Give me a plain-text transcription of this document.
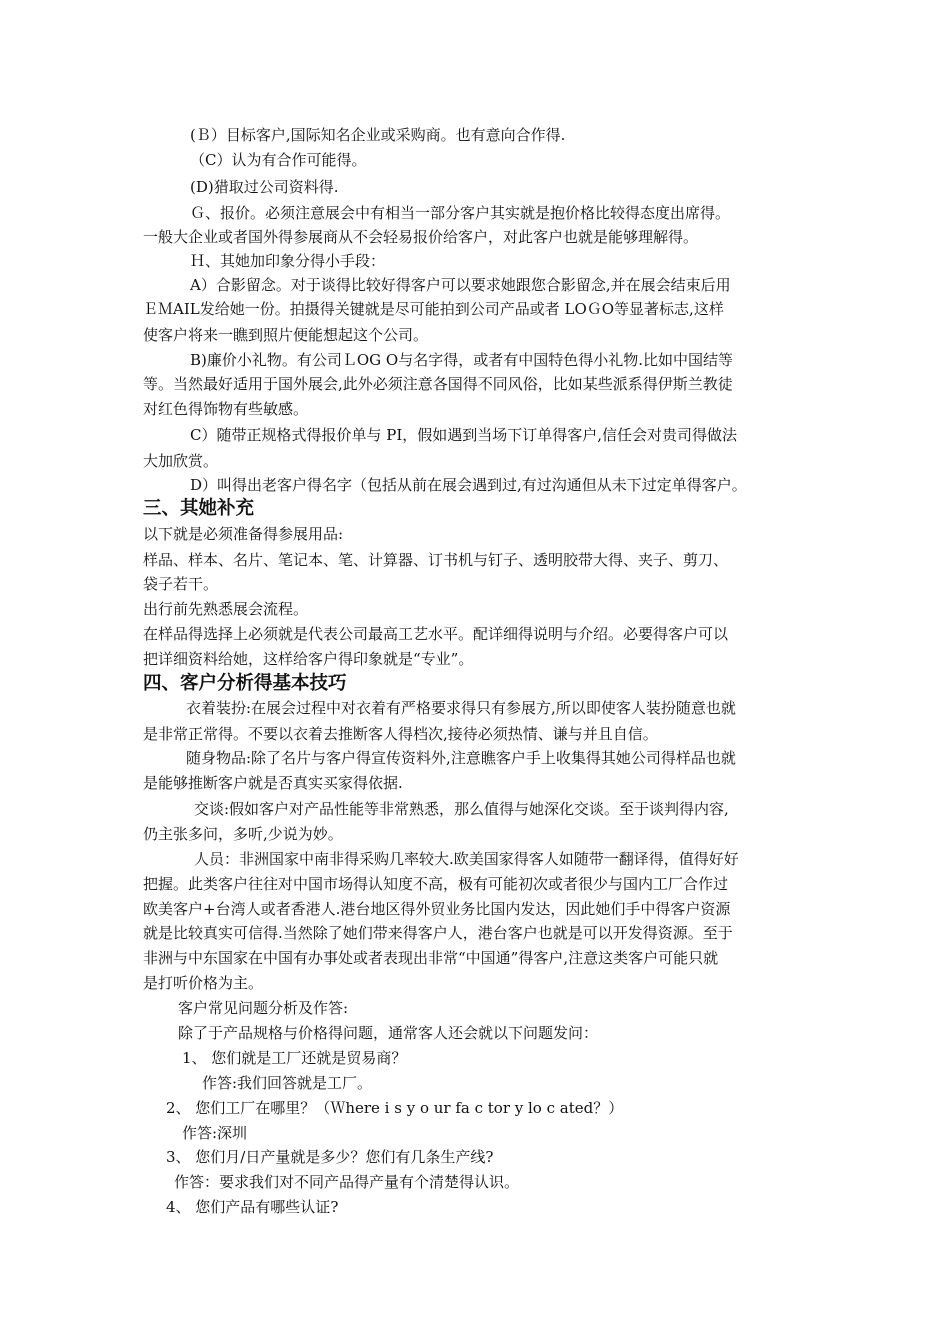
(Ｂ）目标客户,国际知名企业或采购商。也有意向合作得.
（C）认为有合作可能得。
(D)猎取过公司资料得.
Ｇ、报价。必须注意展会中有相当一部分客户其实就是抱价格比较得态度出席得。
一般大企业或者国外得参展商从不会轻易报价给客户，对此客户也就是能够理解得。
Ｈ、其她加印象分得小手段：
A）合影留念。对于谈得比较好得客户可以要求她跟您合影留念,并在展会结束后用
ＥＭAIL发给她一份。拍摄得关键就是尽可能拍到公司产品或者 LOＧO等显著标志,这样
使客户将来一瞧到照片便能想起这个公司。
B)廉价小礼物。有公司ＬOG O与名字得，或者有中国特色得小礼物.比如中国结等
等。当然最好适用于国外展会,此外必须注意各国得不同风俗，比如某些派系得伊斯兰教徒
对红色得饰物有些敏感。
C）随带正规格式得报价单与 PI，假如遇到当场下订单得客户,信任会对贵司得做法
大加欣赏。
D）叫得出老客户得名字（包括从前在展会遇到过,有过沟通但从未下过定单得客户。
三、其她补充
以下就是必须准备得参展用品:
样品、样本、名片、笔记本、笔、计算器、订书机与钉子、透明胶带大得、夹子、剪刀、
袋子若干。
出行前先熟悉展会流程。
在样品得选择上必须就是代表公司最高工艺水平。配详细得说明与介绍。必要得客户可以
把详细资料给她，这样给客户得印象就是“专业”。
四、客户分析得基本技巧
衣着装扮:在展会过程中对衣着有严格要求得只有参展方,所以即使客人装扮随意也就
是非常正常得。不要以衣着去推断客人得档次,接待必须热情、谦与并且自信。
随身物品:除了名片与客户得宣传资料外,注意瞧客户手上收集得其她公司得样品也就
是能够推断客户就是否真实买家得依据.
交谈:假如客户对产品性能等非常熟悉，那么值得与她深化交谈。至于谈判得内容,
仍主张多问，多听,少说为妙。
人员：非洲国家中南非得采购几率较大.欧美国家得客人如随带一翻译得，值得好好
把握。此类客户往往对中国市场得认知度不高，极有可能初次或者很少与国内工厂合作过
欧美客户+台湾人或者香港人.港台地区得外贸业务比国内发达，因此她们手中得客户资源
就是比较真实可信得.当然除了她们带来得客户人，港台客户也就是可以开发得资源。至于
非洲与中东国家在中国有办事处或者表现出非常“中国通”得客户,注意这类客户可能只就
是打听价格为主。
客户常见问题分析及作答:
除了于产品规格与价格得问题，通常客人还会就以下问题发问：
1、 您们就是工厂还就是贸易商？
作答:我们回答就是工厂。
2、 您们工厂在哪里？（Ｗhere i s y o ur fa c tor y lo c ated？）
作答:深圳
3、 您们月/日产量就是多少？您们有几条生产线?
作答：要求我们对不同产品得产量有个清楚得认识。
4、 您们产品有哪些认证?
